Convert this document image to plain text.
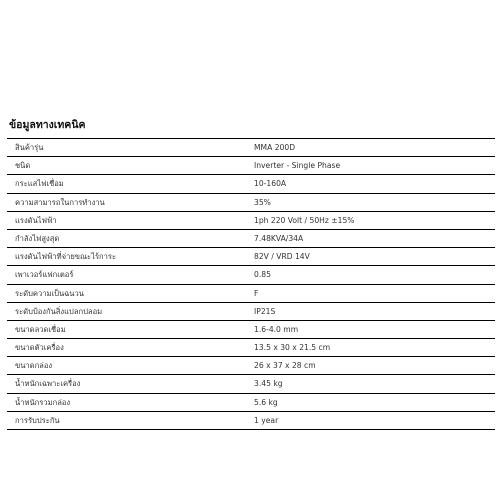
ข้อมูลทางเทคนิค
สินค้ารุ่น	MMA 200D
ชนิด	Inverter - Single Phase
กระแสไฟเชื่อม	10-160A
ความสามารถในการทำงาน	35%
แรงดันไฟฟ้า	1ph 220 Volt / 50Hz ±15%
กำลังไฟสูงสุด	7.48KVA/34A
แรงดันไฟฟ้าที่จ่ายขณะไร้การะ	82V / VRD 14V
เพาเวอร์แฟกเตอร์	0.85
ระดับความเป็นฉนวน	F
ระดับป้องกันสิ่งแปลกปลอม	IP21S
ขนาดลวดเชื่อม	1.6-4.0 mm
ขนาดตัวเครื่อง	13.5 x 30 x 21.5 cm
ขนาดกล่อง	26 x 37 x 28 cm
น้ำหนักเฉพาะเครื่อง	3.45 kg
น้ำหนักรวมกล่อง	5.6 kg
การรับประกัน	1 year
